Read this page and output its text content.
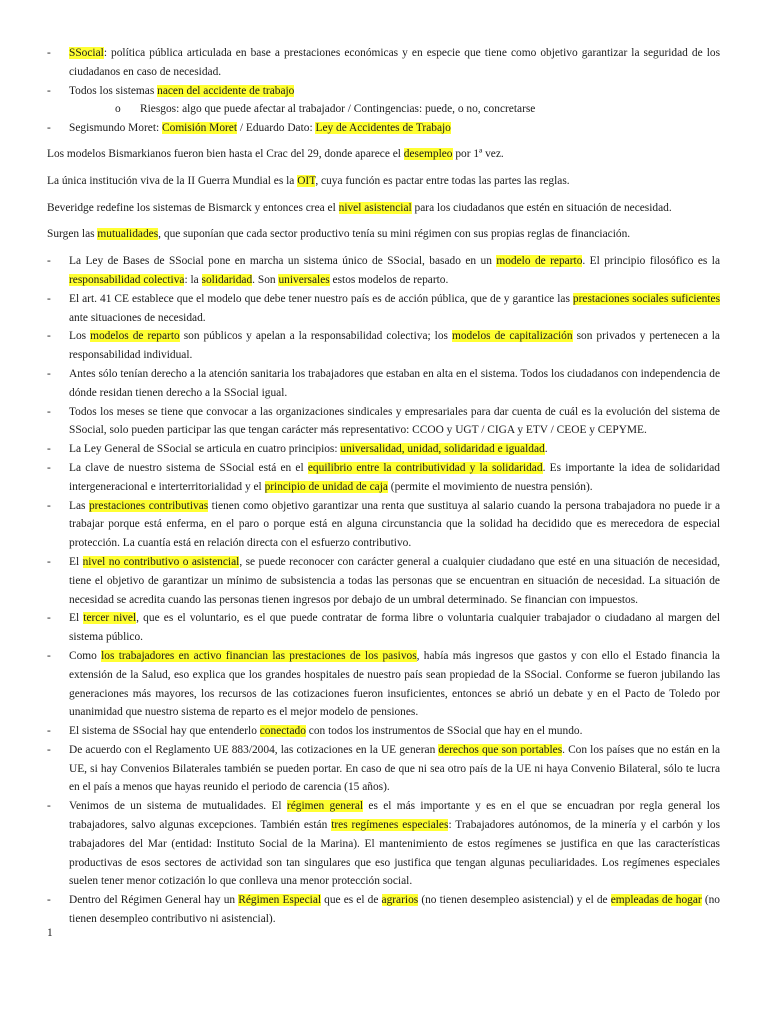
- SSocial: política pública articulada en base a prestaciones económicas y en especie que tiene como objetivo garantizar la seguridad de los ciudadanos en caso de necesidad.
- Todos los sistemas nacen del accidente de trabajo
o Riesgos: algo que puede afectar al trabajador / Contingencias: puede, o no, concretarse
- Segismundo Moret: Comisión Moret / Eduardo Dato: Ley de Accidentes de Trabajo
Los modelos Bismarkianos fueron bien hasta el Crac del 29, donde aparece el desempleo por 1ª vez.
La única institución viva de la II Guerra Mundial es la OIT, cuya función es pactar entre todas las partes las reglas.
Beveridge redefine los sistemas de Bismarck y entonces crea el nivel asistencial para los ciudadanos que estén en situación de necesidad.
Surgen las mutualidades, que suponían que cada sector productivo tenía su mini régimen con sus propias reglas de financiación.
- La Ley de Bases de SSocial pone en marcha un sistema único de SSocial, basado en un modelo de reparto. El principio filosófico es la responsabilidad colectiva: la solidaridad. Son universales estos modelos de reparto.
- El art. 41 CE establece que el modelo que debe tener nuestro país es de acción pública, que de y garantice las prestaciones sociales suficientes ante situaciones de necesidad.
- Los modelos de reparto son públicos y apelan a la responsabilidad colectiva; los modelos de capitalización son privados y pertenecen a la responsabilidad individual.
- Antes sólo tenían derecho a la atención sanitaria los trabajadores que estaban en alta en el sistema. Todos los ciudadanos con independencia de dónde residan tienen derecho a la SSocial igual.
- Todos los meses se tiene que convocar a las organizaciones sindicales y empresariales para dar cuenta de cuál es la evolución del sistema de SSocial, solo pueden participar las que tengan carácter más representativo: CCOO y UGT / CIGA y ETV / CEOE y CEPYME.
- La Ley General de SSocial se articula en cuatro principios: universalidad, unidad, solidaridad e igualdad.
- La clave de nuestro sistema de SSocial está en el equilibrio entre la contributividad y la solidaridad. Es importante la idea de solidaridad intergeneracional e interterritorialidad y el principio de unidad de caja (permite el movimiento de nuestra pensión).
- Las prestaciones contributivas tienen como objetivo garantizar una renta que sustituya al salario cuando la persona trabajadora no puede ir a trabajar porque está enferma, en el paro o porque está en alguna circunstancia que la solidad ha decidido que es merecedora de especial protección. La cuantía está en relación directa con el esfuerzo contributivo.
- El nivel no contributivo o asistencial, se puede reconocer con carácter general a cualquier ciudadano que esté en una situación de necesidad, tiene el objetivo de garantizar un mínimo de subsistencia a todas las personas que se encuentran en situación de necesidad. La situación de necesidad se acredita cuando las personas tienen ingresos por debajo de un umbral determinado. Se financian con impuestos.
- El tercer nivel, que es el voluntario, es el que puede contratar de forma libre o voluntaria cualquier trabajador o ciudadano al margen del sistema público.
- Como los trabajadores en activo financian las prestaciones de los pasivos, había más ingresos que gastos y con ello el Estado financia la extensión de la Salud, eso explica que los grandes hospitales de nuestro país sean propiedad de la SSocial. Conforme se fueron jubilando las generaciones más mayores, los recursos de las cotizaciones fueron insuficientes, entonces se abrió un debate y en el Pacto de Toledo por unanimidad que nuestro sistema de reparto es el mejor modelo de pensiones.
- El sistema de SSocial hay que entenderlo conectado con todos los instrumentos de SSocial que hay en el mundo.
- De acuerdo con el Reglamento UE 883/2004, las cotizaciones en la UE generan derechos que son portables. Con los países que no están en la UE, si hay Convenios Bilaterales también se pueden portar. En caso de que ni sea otro país de la UE ni haya Convenio Bilateral, sólo te lucra en el país a menos que hayas reunido el periodo de carencia (15 años).
- Venimos de un sistema de mutualidades. El régimen general es el más importante y es en el que se encuadran por regla general los trabajadores, salvo algunas excepciones. También están tres regímenes especiales: Trabajadores autónomos, de la minería y el carbón y los trabajadores del Mar (entidad: Instituto Social de la Marina). El mantenimiento de estos regímenes se justifica en que las características productivas de esos sectores de actividad son tan singulares que eso justifica que tengan algunas peculiaridades. Los regímenes especiales suelen tener menor cotización lo que conlleva una menor protección social.
- Dentro del Régimen General hay un Régimen Especial que es el de agrarios (no tienen desempleo asistencial) y el de empleadas de hogar (no tienen desempleo contributivo ni asistencial).
1
